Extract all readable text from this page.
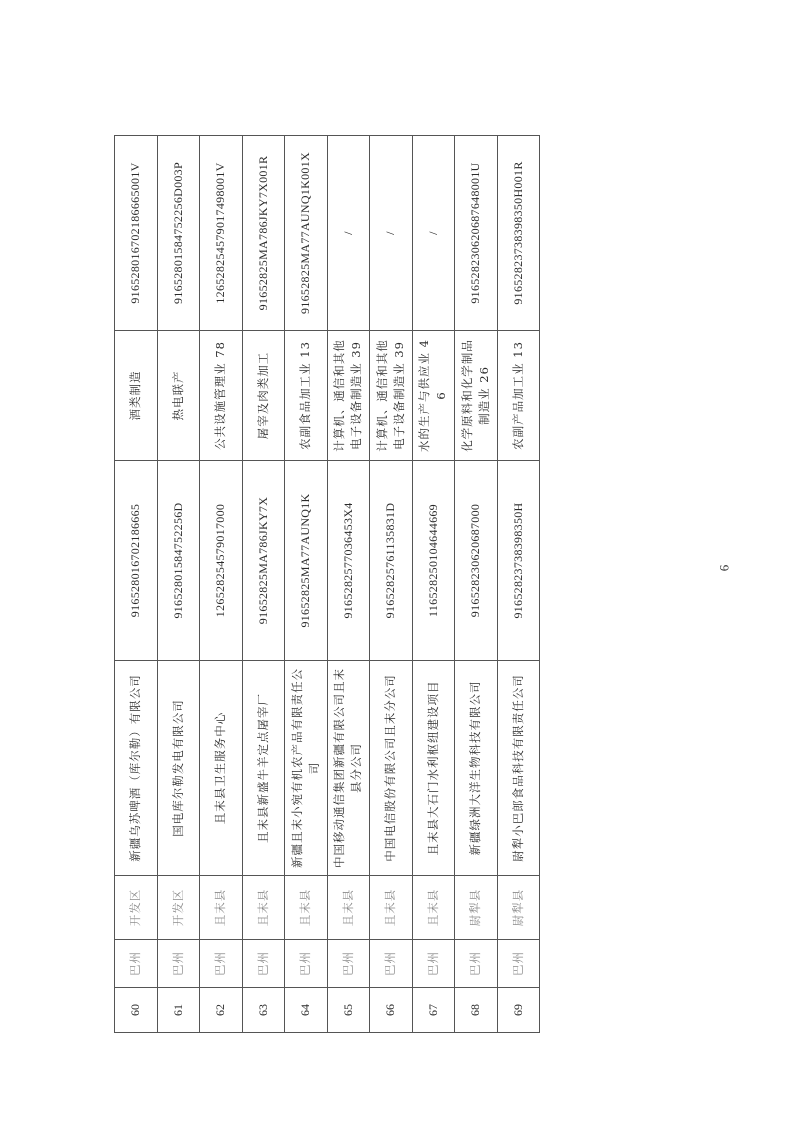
60	巴州	开发区	新疆乌苏啤酒（库尔勒）有限公司	916528016702186665	酒类制造	916528016702186665001V
61	巴州	开发区	国电库尔勒发电有限公司	91652801584752256D	热电联产	91652801584752256D003P
62	巴州	且末县	且末县卫生服务中心	126528254579017000	公共设施管理业 78	126528254579017498001V
63	巴州	且末县	且末县新盛牛羊定点屠宰厂	91652825MA786JKY7X	屠宰及肉类加工	91652825MA786JKY7X001R
64	巴州	且末县	新疆且末小宛有机农产品有限责任公司	91652825MA77AUNQ1K	农副食品加工业 13	91652825MA77AUNQ1K001X
65	巴州	且末县	中国移动通信集团新疆有限公司且末县分公司	9165282577036453X4	计算机、通信和其他电子设备制造业 39	/
66	巴州	且末县	中国电信股份有限公司且末分公司	91652825761135831D	计算机、通信和其他电子设备制造业 39	/
67	巴州	且末县	且末县大石门水利枢纽建设项目	116528250104644669	水的生产与供应业 46	/
68	巴州	尉犁县	新疆绿洲大洋生物科技有限公司	916528230620687000	化学原料和化学制品制造业 26	916528230620687648001U
69	巴州	尉犁县	尉犁小巴郎食品科技有限责任公司	91652823738398350H	农副产品加工业 13	91652823738398350H001R
6
